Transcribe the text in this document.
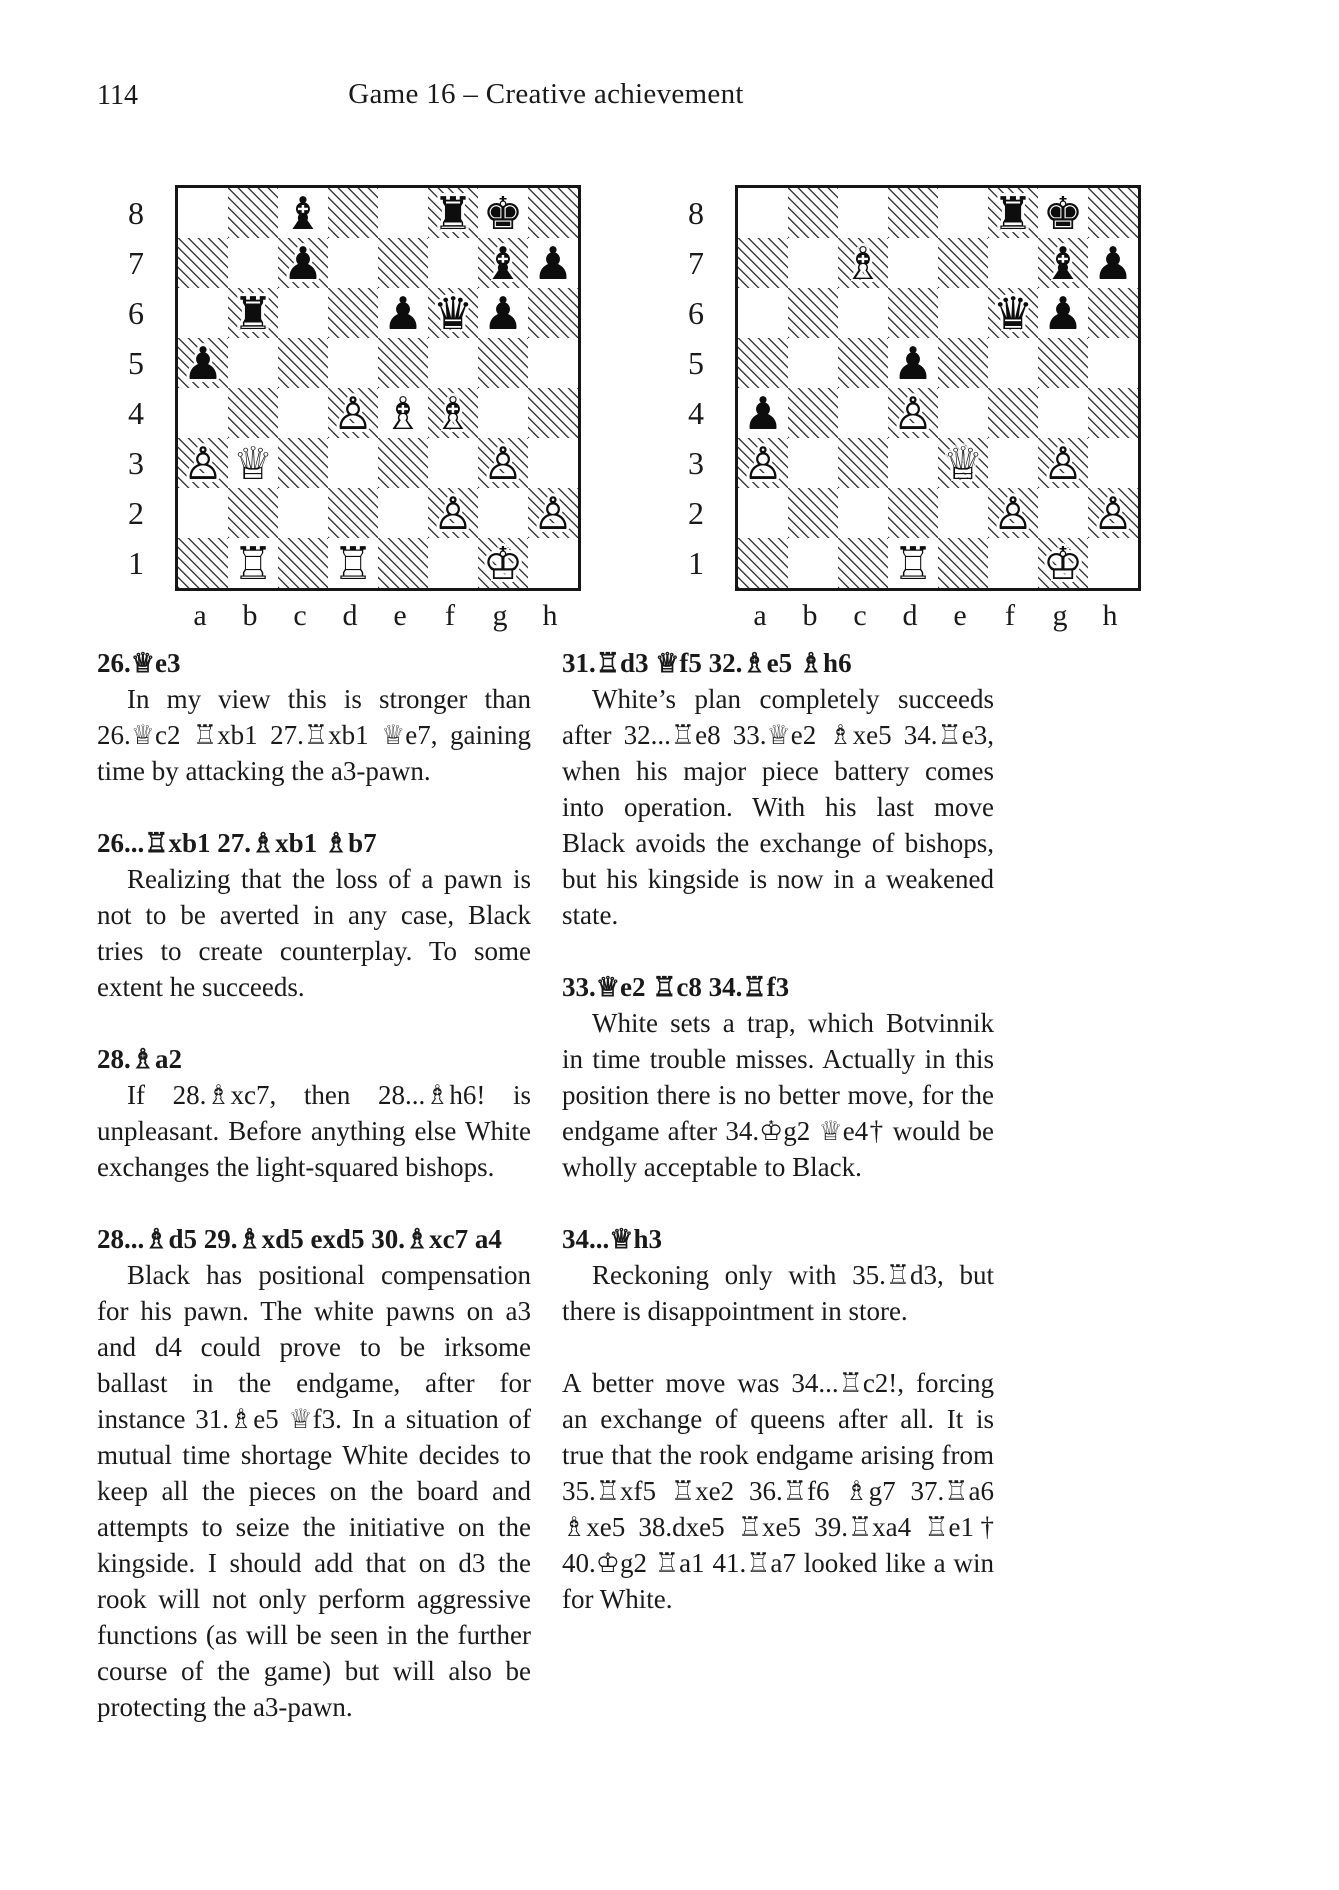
114	Game 16 – Creative achievement
8
7
6
5
4
3
2
1
♝ ♜ ♚
♟	♝ ♟
♜ ♟ ♛ ♟
♟
♙ ♗ ♗
♙ ♕	♙
♙ ♙
♖ ♖ ♔
a	b	c	d	e	f	g	h
8
7
6
5
4
3
2
1
♜ ♚
♗	♝ ♟
♛ ♟
♟
♟ ♙
♙	♕ ♙
♙ ♙
♖ ♔
a	b	c	d	e	f	g	h

26.♕e3

In my view this is stronger than 26.♕c2 ♖xb1 27.♖xb1 ♕e7, gaining time by attacking the a3-pawn.

26...♖xb1 27.♗xb1 ♗b7

Realizing that the loss of a pawn is not to be averted in any case, Black tries to create counterplay. To some extent he succeeds.

28.♗a2

If 28.♗xc7, then 28...♗h6! is unpleasant. Before anything else White exchanges the light-squared bishops.

28...♗d5 29.♗xd5 exd5 30.♗xc7 a4

Black has positional compensation for his pawn. The white pawns on a3 and d4 could prove to be irksome ballast in the endgame, after for instance 31.♗e5 ♕f3. In a situation of mutual time shortage White decides to keep all the pieces on the board and attempts to seize the initiative on the kingside. I should add that on d3 the rook will not only perform aggressive functions (as will be seen in the further course of the game) but will also be protecting the a3-pawn.

31.♖d3 ♕f5 32.♗e5 ♗h6

White’s plan completely succeeds after 32...♖e8 33.♕e2 ♗xe5 34.♖e3, when his major piece battery comes into operation. With his last move Black avoids the exchange of bishops, but his kingside is now in a weakened state.

33.♕e2 ♖c8 34.♖f3

White sets a trap, which Botvinnik in time trouble misses. Actually in this position there is no better move, for the endgame after 34.♔g2 ♕e4† would be wholly acceptable to Black.

34...♕h3

Reckoning only with 35.♖d3, but there is disappointment in store.

A better move was 34...♖c2!, forcing an exchange of queens after all. It is true that the rook endgame arising from 35.♖xf5 ♖xe2 36.♖f6 ♗g7 37.♖a6 ♗xe5 38.dxe5 ♖xe5 39.♖xa4 ♖e1† 40.♔g2 ♖a1 41.♖a7 looked like a win for White.
